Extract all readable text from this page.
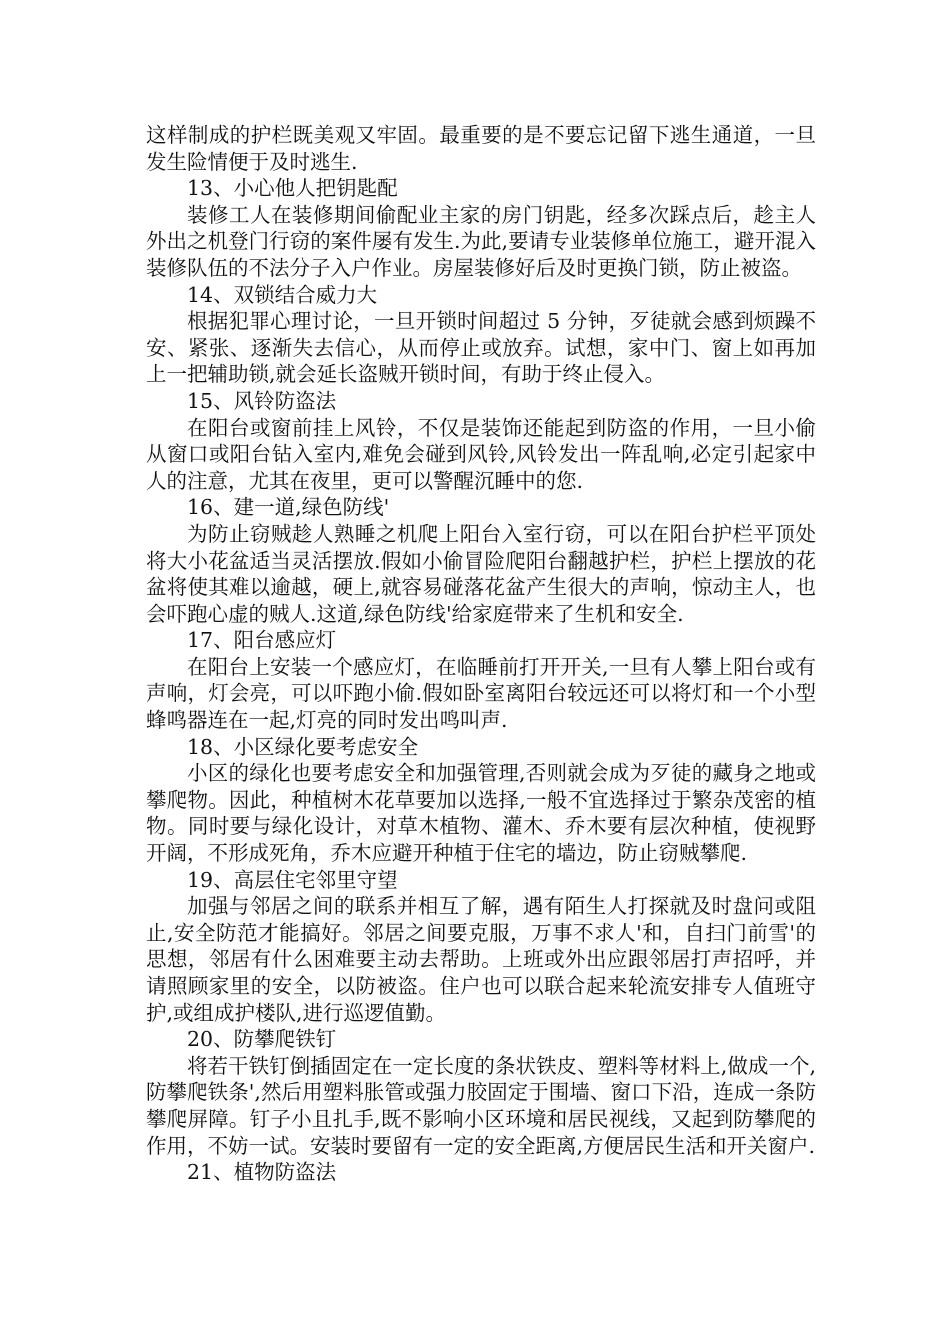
这样制成的护栏既美观又牢固。最重要的是不要忘记留下逃生通道，一旦发生险情便于及时逃生.

13、小心他人把钥匙配

装修工人在装修期间偷配业主家的房门钥匙，经多次踩点后，趁主人外出之机登门行窃的案件屡有发生.为此,要请专业装修单位施工，避开混入装修队伍的不法分子入户作业。房屋装修好后及时更换门锁，防止被盗。

14、双锁结合威力大

根据犯罪心理讨论，一旦开锁时间超过 5 分钟，歹徒就会感到烦躁不安、紧张、逐渐失去信心，从而停止或放弃。试想，家中门、窗上如再加上一把辅助锁,就会延长盗贼开锁时间，有助于终止侵入。

15、风铃防盗法

在阳台或窗前挂上风铃，不仅是装饰还能起到防盗的作用，一旦小偷从窗口或阳台钻入室内,难免会碰到风铃,风铃发出一阵乱响,必定引起家中人的注意，尤其在夜里，更可以警醒沉睡中的您.

16、建一道,绿色防线'

为防止窃贼趁人熟睡之机爬上阳台入室行窃，可以在阳台护栏平顶处将大小花盆适当灵活摆放.假如小偷冒险爬阳台翻越护栏，护栏上摆放的花盆将使其难以逾越，硬上,就容易碰落花盆产生很大的声响，惊动主人，也会吓跑心虚的贼人.这道,绿色防线'给家庭带来了生机和安全.

17、阳台感应灯

在阳台上安装一个感应灯，在临睡前打开开关,一旦有人攀上阳台或有声响，灯会亮，可以吓跑小偷.假如卧室离阳台较远还可以将灯和一个小型蜂鸣器连在一起,灯亮的同时发出鸣叫声.

18、小区绿化要考虑安全

小区的绿化也要考虑安全和加强管理,否则就会成为歹徒的藏身之地或攀爬物。因此，种植树木花草要加以选择,一般不宜选择过于繁杂茂密的植物。同时要与绿化设计，对草木植物、灌木、乔木要有层次种植，使视野开阔，不形成死角，乔木应避开种植于住宅的墙边，防止窃贼攀爬.

19、高层住宅邻里守望

加强与邻居之间的联系并相互了解，遇有陌生人打探就及时盘问或阻止,安全防范才能搞好。邻居之间要克服，万事不求人'和，自扫门前雪'的思想，邻居有什么困难要主动去帮助。上班或外出应跟邻居打声招呼，并请照顾家里的安全，以防被盗。住户也可以联合起来轮流安排专人值班守护,或组成护楼队,进行巡逻值勤。

20、防攀爬铁钉

将若干铁钉倒插固定在一定长度的条状铁皮、塑料等材料上,做成一个,防攀爬铁条',然后用塑料胀管或强力胶固定于围墙、窗口下沿，连成一条防攀爬屏障。钉子小且扎手,既不影响小区环境和居民视线，又起到防攀爬的作用，不妨一试。安装时要留有一定的安全距离,方便居民生活和开关窗户.

21、植物防盗法
